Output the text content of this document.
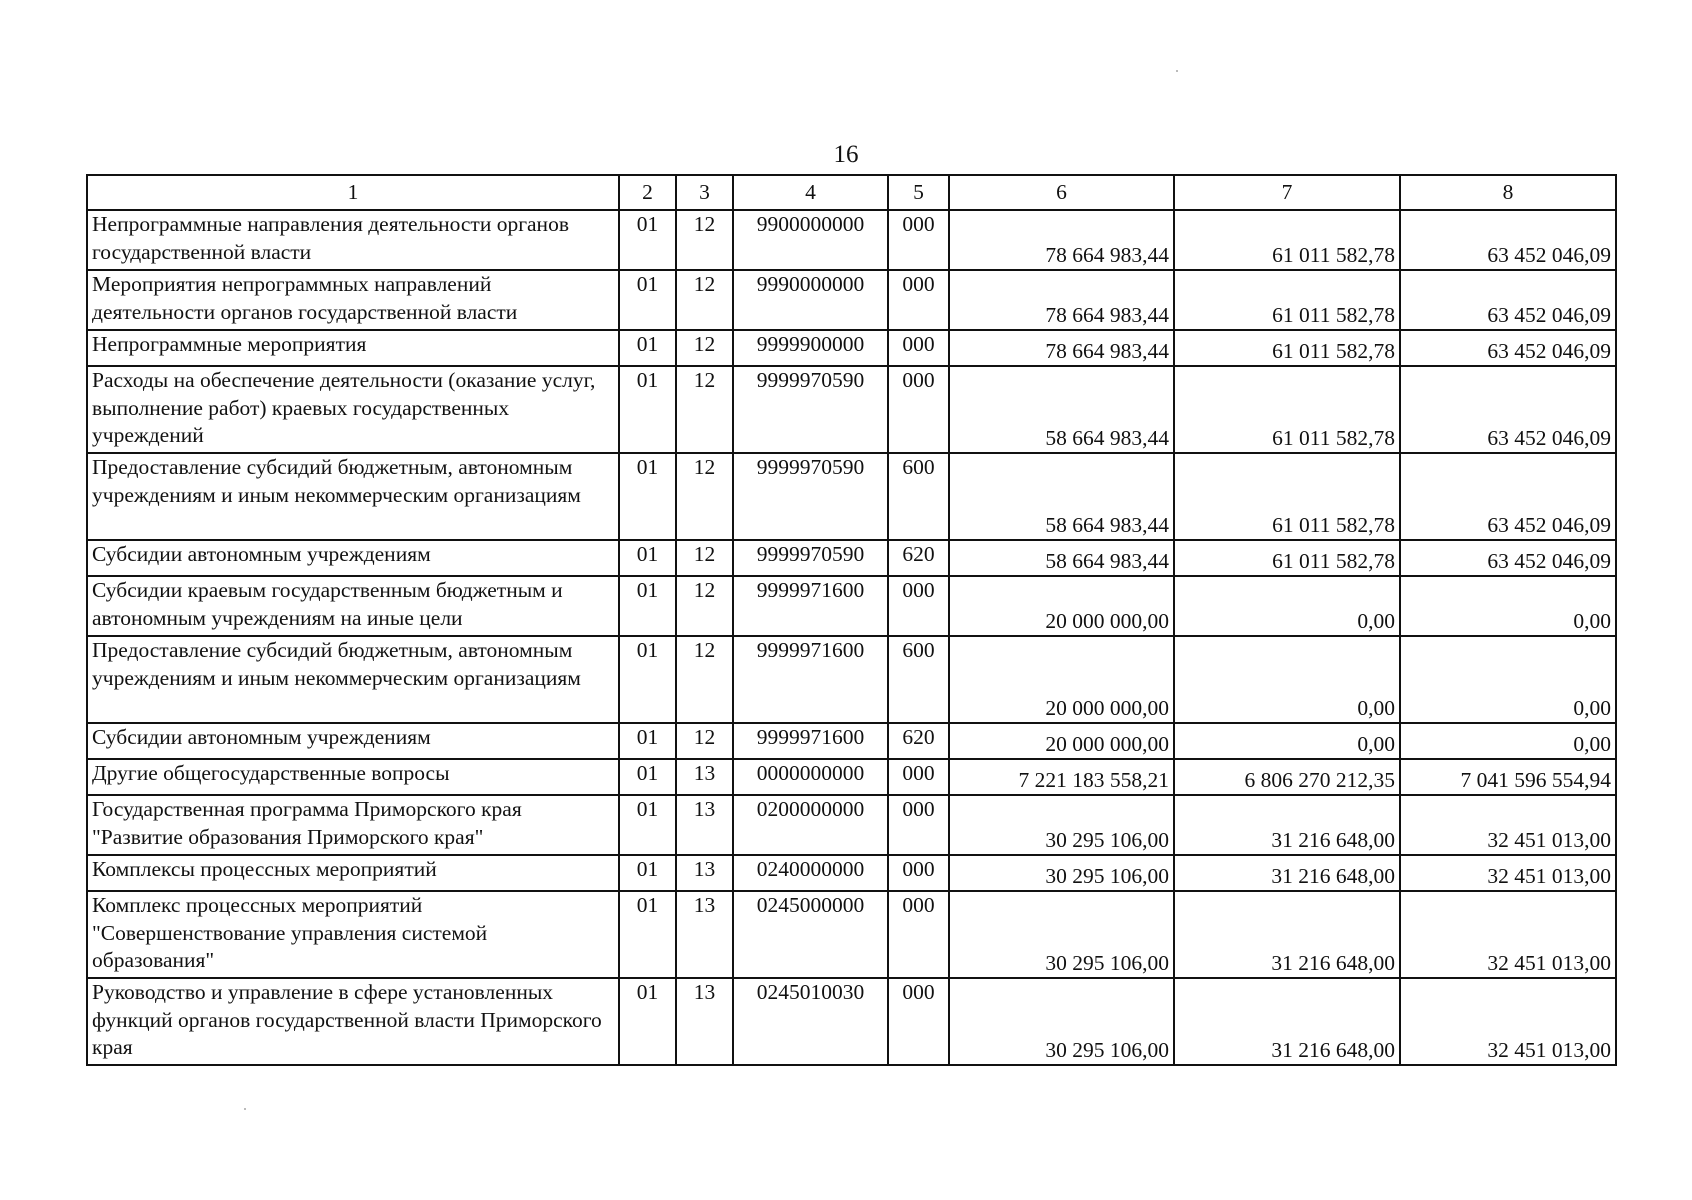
16
1	2	3	4	5	6	7	8
Непрограммные направления деятельности органов государственной власти	01	12	9900000000	000	78 664 983,44	61 011 582,78	63 452 046,09
Мероприятия непрограммных направлений деятельности органов государственной власти	01	12	9990000000	000	78 664 983,44	61 011 582,78	63 452 046,09
Непрограммные мероприятия	01	12	9999900000	000	78 664 983,44	61 011 582,78	63 452 046,09
Расходы на обеспечение деятельности (оказание услуг, выполнение работ) краевых государственных учреждений	01	12	9999970590	000	58 664 983,44	61 011 582,78	63 452 046,09
Предоставление субсидий бюджетным, автономным учреждениям и иным некоммерческим организациям	01	12	9999970590	600	58 664 983,44	61 011 582,78	63 452 046,09
Субсидии автономным учреждениям	01	12	9999970590	620	58 664 983,44	61 011 582,78	63 452 046,09
Субсидии краевым государственным бюджетным и автономным учреждениям на иные цели	01	12	9999971600	000	20 000 000,00	0,00	0,00
Предоставление субсидий бюджетным, автономным учреждениям и иным некоммерческим организациям	01	12	9999971600	600	20 000 000,00	0,00	0,00
Субсидии автономным учреждениям	01	12	9999971600	620	20 000 000,00	0,00	0,00
Другие общегосударственные вопросы	01	13	0000000000	000	7 221 183 558,21	6 806 270 212,35	7 041 596 554,94
Государственная программа Приморского края "Развитие образования Приморского края"	01	13	0200000000	000	30 295 106,00	31 216 648,00	32 451 013,00
Комплексы процессных мероприятий	01	13	0240000000	000	30 295 106,00	31 216 648,00	32 451 013,00
Комплекс процессных мероприятий "Совершенствование управления системой образования"	01	13	0245000000	000	30 295 106,00	31 216 648,00	32 451 013,00
Руководство и управление в сфере установленных функций органов государственной власти Приморского края	01	13	0245010030	000	30 295 106,00	31 216 648,00	32 451 013,00
